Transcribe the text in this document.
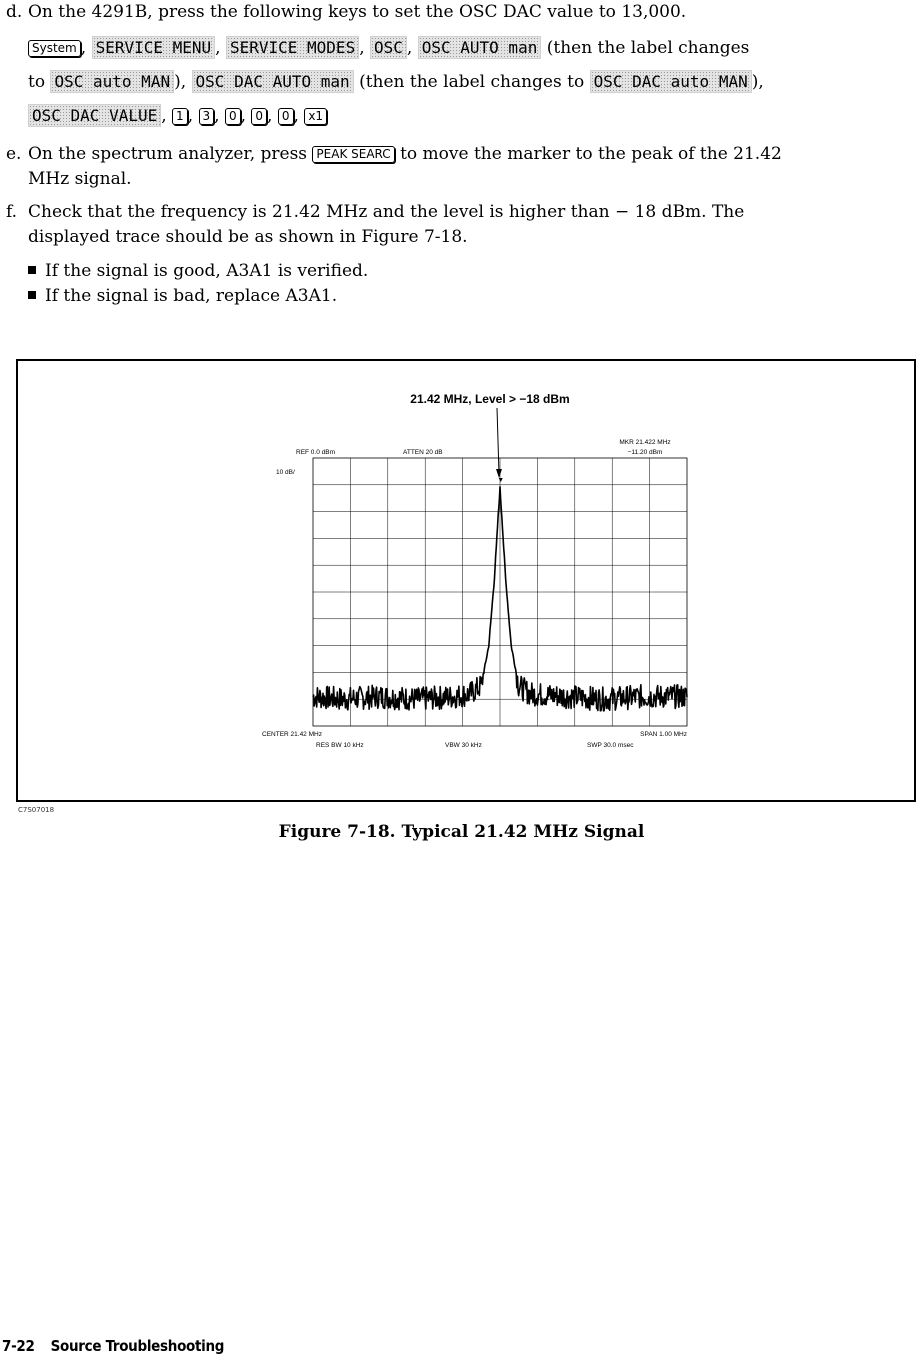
d. On the 4291B, press the following keys to set the OSC DAC value to 13,000.
System , SERVICE MENU , SERVICE MODES , OSC , OSC AUTO man (then the label changes
to OSC auto MAN ), OSC DAC AUTO man (then the label changes to OSC DAC auto MAN ),
OSC DAC VALUE , 1 , 3 , 0 , 0 , 0 , x1
e. On the spectrum analyzer, press PEAK SEARC to move the marker to the peak of the 21.42
MHz signal.
f. Check that the frequency is 21.42 MHz and the level is higher than − 18 dBm. The
displayed trace should be as shown in Figure 7-18.
If the signal is good, A3A1 is verified.
If the signal is bad, replace A3A1.
21.42 MHz, Level > −18 dBm
REF 0.0 dBm	ATTEN 20 dB
MKR 21.422 MHz
−11.20 dBm
10 dB/
CENTER 21.42 MHz	SPAN 1.00 MHz
RES BW 10 kHz	VBW 30 kHz	SWP 30.0 msec
C7S07018
Figure 7-18. Typical 21.42 MHz Signal
7-22 Source Troubleshooting
